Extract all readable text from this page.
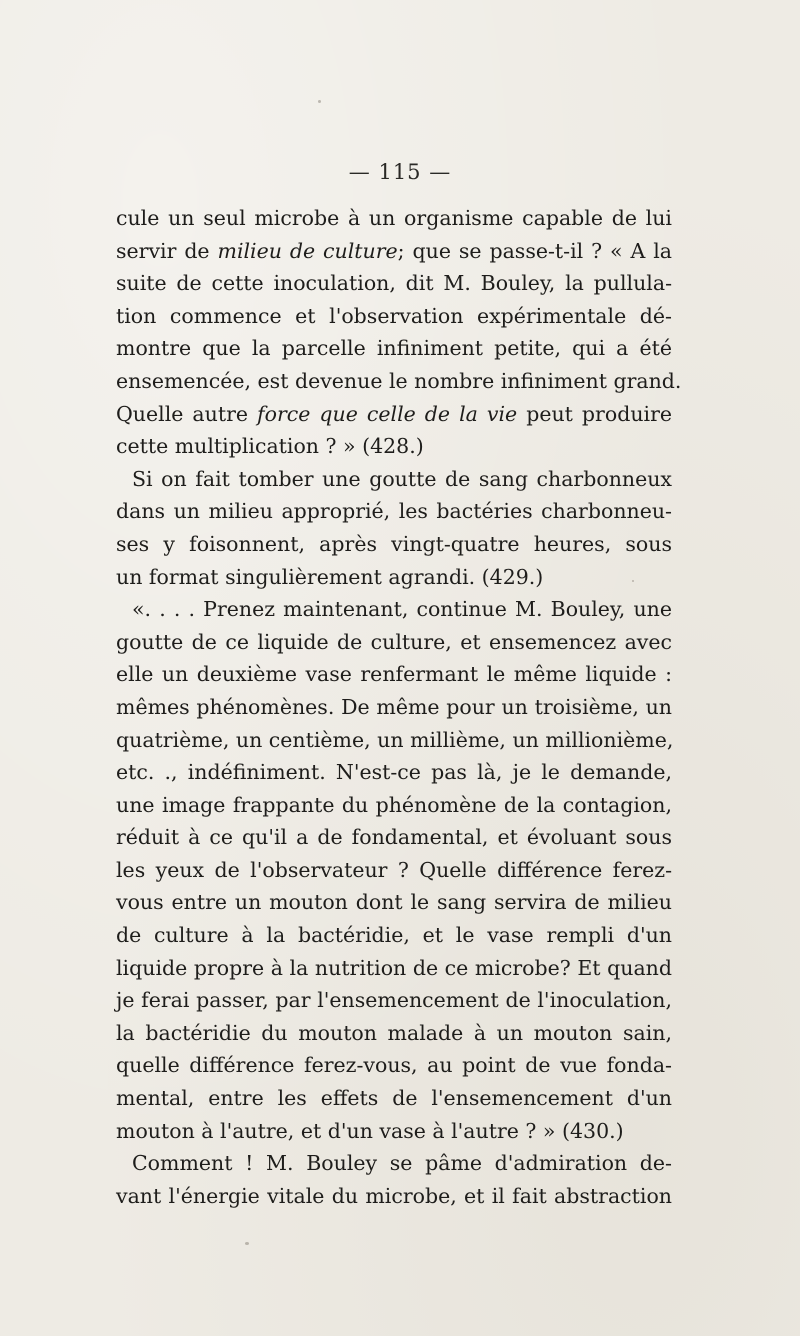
— 115 —
cule un seul microbe à un organisme capable de lui
servir de milieu de culture; que se passe-t-il ? « A la
suite de cette inoculation, dit M. Bouley, la pullula-
tion commence et l'observation expérimentale dé-
montre que la parcelle infiniment petite, qui a été
ensemencée, est devenue le nombre infiniment grand.
Quelle autre force que celle de la vie peut produire
cette multiplication ? » (428.)
Si on fait tomber une goutte de sang charbonneux
dans un milieu approprié, les bactéries charbonneu-
ses y foisonnent, après vingt-quatre heures, sous
un format singulièrement agrandi. (429.)
«. . . . Prenez maintenant, continue M. Bouley, une
goutte de ce liquide de culture, et ensemencez avec
elle un deuxième vase renfermant le même liquide :
mêmes phénomènes. De même pour un troisième, un
quatrième, un centième, un millième, un millionième,
etc. ., indéfiniment. N'est-ce pas là, je le demande,
une image frappante du phénomène de la contagion,
réduit à ce qu'il a de fondamental, et évoluant sous
les yeux de l'observateur ? Quelle différence ferez-
vous entre un mouton dont le sang servira de milieu
de culture à la bactéridie, et le vase rempli d'un
liquide propre à la nutrition de ce microbe? Et quand
je ferai passer, par l'ensemencement de l'inoculation,
la bactéridie du mouton malade à un mouton sain,
quelle différence ferez-vous, au point de vue fonda-
mental, entre les effets de l'ensemencement d'un
mouton à l'autre, et d'un vase à l'autre ? » (430.)
Comment ! M. Bouley se pâme d'admiration de-
vant l'énergie vitale du microbe, et il fait abstraction
